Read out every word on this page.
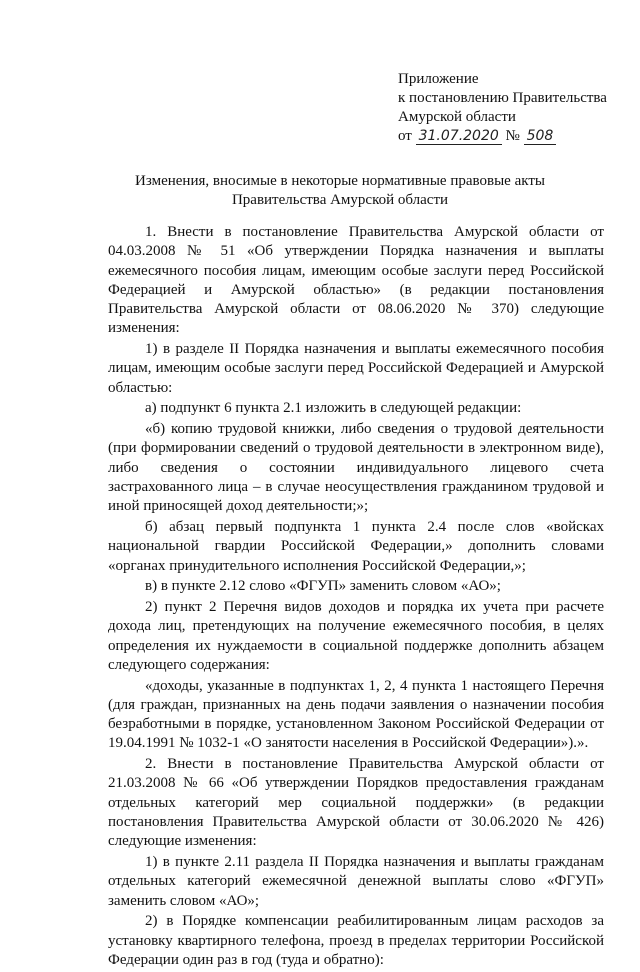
Приложение
к постановлению Правительства
Амурской области
от 31.07.2020 № 508
Изменения, вносимые в некоторые нормативные правовые акты
Правительства Амурской области

1. Внести в постановление Правительства Амурской области от 04.03.2008 № 51 «Об утверждении Порядка назначения и выплаты ежемесячного пособия лицам, имеющим особые заслуги перед Российской Федерацией и Амурской областью» (в редакции постановления Правительства Амурской области от 08.06.2020 № 370) следующие изменения:

1) в разделе II Порядка назначения и выплаты ежемесячного пособия лицам, имеющим особые заслуги перед Российской Федерацией и Амурской областью:

а) подпункт 6 пункта 2.1 изложить в следующей редакции:

«б) копию трудовой книжки, либо сведения о трудовой деятельности (при формировании сведений о трудовой деятельности в электронном виде), либо сведения о состоянии индивидуального лицевого счета застрахованного лица – в случае неосуществления гражданином трудовой и иной приносящей доход деятельности;»;

б) абзац первый подпункта 1 пункта 2.4 после слов «войсках национальной гвардии Российской Федерации,» дополнить словами «органах принудительного исполнения Российской Федерации,»;

в) в пункте 2.12 слово «ФГУП» заменить словом «АО»;

2) пункт 2 Перечня видов доходов и порядка их учета при расчете дохода лиц, претендующих на получение ежемесячного пособия, в целях определения их нуждаемости в социальной поддержке дополнить абзацем следующего содержания:

«доходы, указанные в подпунктах 1, 2, 4 пункта 1 настоящего Перечня (для граждан, признанных на день подачи заявления о назначении пособия безработными в порядке, установленном Законом Российской Федерации от 19.04.1991 № 1032-1 «О занятости населения в Российской Федерации»).».

2. Внести в постановление Правительства Амурской области от 21.03.2008 № 66 «Об утверждении Порядков предоставления гражданам отдельных категорий мер социальной поддержки» (в редакции постановления Правительства Амурской области от 30.06.2020 № 426) следующие изменения:

1) в пункте 2.11 раздела II Порядка назначения и выплаты гражданам отдельных категорий ежемесячной денежной выплаты слово «ФГУП» заменить словом «АО»;

2) в Порядке компенсации реабилитированным лицам расходов за установку квартирного телефона, проезд в пределах территории Российской Федерации один раз в год (туда и обратно):
